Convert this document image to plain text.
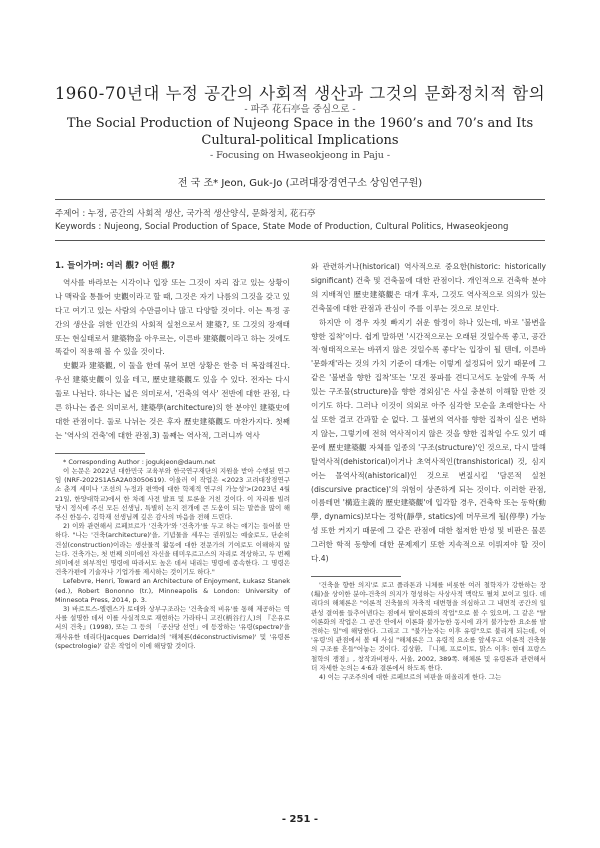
1960-70년대 누정 공간의 사회적 생산과 그것의 문화정치적 함의
- 파주 花石亭을 중심으로 -
The Social Production of Nujeong Space in the 1960’s and 70’s and Its Cultural-political Implications
- Focusing on Hwaseokjeong in Paju -
전 국 조* Jeon, Guk-Jo (고려대장경연구소 상임연구원)
주제어 : 누정, 공간의 사회적 생산, 국가적 생산양식, 문화정치, 花石亭
Keywords : Nujeong, Social Production of Space, State Mode of Production, Cultural Politics, Hwaseokjeong

1. 들어가며: 여러 觀? 어떤 觀?

역사를 바라보는 시각이나 입장 또는 그것이 자리 잡고 있는 상황이나 맥락을 통틀어 史觀이라고 할 때, 그것은 자기 나름의 그것을 갖고 있다고 여기고 있는 사람의 수만큼이나 많고 다양할 것이다. 이는 특정 공간의 생산을 위한 인간의 사회적 실천으로서 建築?, 또 그것의 장재태 또는 현실태로서 建築物을 아우르는, 이른바 建築觀이라고 하는 것에도 똑같이 적용해 볼 수 있을 것이다.

史觀과 建築觀, 이 둘을 한데 묶어 보면 상황은 한층 더 복잡해진다. 우선 建築史觀이 있을 테고, 歷史建築觀도 있을 수 있다. 전자는 다시 둘로 나뉜다. 하나는 넓은 의미로서, '건축의 역사' 전반에 대한 관점, 다른 하나는 좁은 의미로서, 建築學(architecture)의 한 분야인 建築史에 대한 관점이다. 둘로 나뉘는 것은 후자 歷史建築觀도 마찬가지다. 첫째는 '역사의 건축'에 대한 관점,3) 둘째는 역사적, 그러니까 역사

* Corresponding Author : jogukjeon@daum.net

이 논문은 2022년 대한민국 교육부와 한국연구재단의 지원을 받아 수행된 연구임 (NRF-2022S1A5A2A03050619). 이울러 이 작업은 <2023 고려대장경연구소 춘계 세미나 '조선의 누정과 편액에 대한 학제적 연구의 가능성'>(2023년 4월 21일, 한양대학교)에서 한 차례 사전 발표 및 토론을 거친 것이다. 이 자리를 빌려 당시 정식에 주신 모든 선생님, 특별히 논지 전개에 큰 도움이 되는 말씀을 많이 해 주신 한동수, 김학재 선생님께 깊은 감사의 마음을 전해 드린다.

2) 이와 관련해서 르페브르가 '건축가'와 '건축가'를 두고 하는 얘기는 들어볼 만하다. "나는 '건축(architecture)'을, 기념물을 세우는 권위있는 예술로도, 단순히 건설(construction)이라는 생산물적 활동에 대한 전문가의 기여로도 이해하지 않는다. 건축가는, 첫 번째 의미에선 자신을 테미우르고스의 자리로 격상하고, 두 번째 의미에선 외부적인 명령에 따라서도 높은 데서 내리는 명령에 종속한다. 그 명령은 건축가편에 기술자나 기업가를 제시하는 것이기도 하다."

Lefebvre, Henri, Toward an Architecture of Enjoyment, Łukasz Stanek (ed.), Robert Bononno (tr.), Minneapolis & London: University of Minnesota Press, 2014, p. 3.

3) 바르트스-엘렌스가 토대와 상부구조라는 '건축술적 비유'를 통해 제공하는 역사를 설명한 데서 이를 사실적으로 재현하는 가라타니 고진(柄谷行人)의 『은유로서의 건축』(1998), 또는 그 등의 「공산당 선언」에 등장하는 '유령(spectre)'을 재사유한 데리다(Jacques Derrida)의 '해체론(déconstructivisme)' 및 '유령론(spectrologie)' 같은 작업이 이에 해당할 것이다.

와 관련하거나(historical) 역사적으로 중요한(historic: historically significant) 건축 및 건축물에 대한 관점이다. 개인적으로 건축학 분야의 지배적인 歷史建築觀은 대개 후자, 그것도 역사적으로 의의가 있는 건축물에 대한 관점과 관심이 주를 이루는 것으로 보인다.

하지만 이 경우 자칫 빠지기 쉬운 함정이 하나 있는데, 바로 '불변을 향한 집착'이다. 쉽게 말하면 '시간적으로는 오래된 것일수록 좋고, 공간적·형태적으로는 바뀌지 않은 것일수록 좋다'는 입장이 될 텐데, 이른바 '문화재'라는 것의 가치 기준이 대개는 이렇게 설정되어 있기 때문에 그 같은 '불변을 향한 집착'또는 '모진 풍파를 견디고서도 눈앞에 우뚝 서 있는 구조물(structure)을 향한 경외심'은 사실 충분히 이해할 만한 것이기도 하다. 그러나 이것이 의외로 아주 심각한 모순을 초래한다는 사실 또한 결코 간과할 순 없다. 그 불변의 역사를 향한 집착이 실은 변하지 않는, 그렇기에 전혀 역사적이지 않은 것을 향한 집착일 수도 있기 때문에 歷史建築觀 자체를 일종의 '구조(structure)'인 것으로, 다시 말해 탈역사적(dehistorical)이거나 초역사적인(transhistorical) 것, 심지어는 몰역사적(ahistorical)인 것으로 변질시킬 '담론적 실천(discursive practice)'의 위험이 상존하게 되는 것이다. 이러한 관점, 이름테면 '構造主義的 歷史建築觀'에 입각할 경우, 건축학 또는 동학(動學, dynamics)보다는 정학(靜學, statics)에 머무르게 될(停學) 가능성 또한 커지기 때문에 그 같은 관점에 대한 철저한 반성 및 비판은 물론 그러한 학적 동향에 대한 문제제기 또한 지속적으로 이뤄져야 할 것이다.4)

'건축을 향한 의지'로 로고 플라톤과 니체를 비롯한 여러 철학자가 강한하는 장(場)을 상이한 분야-건축의 의지가 형성하는 사상사적 맥락도 펼쳐 보이고 있다. 데리다의 해체론은 "이론적 건축물의 자축적 대변형을 의심하고 그 내면적 공간의 일관성 결여를 들추어낸다는 점에서 탈이론화의 작업"으로 볼 수 있으며, 그 같은 "탈이론화의 작업은 그 공간 안에서 이론화 불가능한 동시에 과거 불가능한 요소를 발견하는 일"에 해당한다. 그리고 그 "불가능자는 이후 유령"으로 불리게 되는데, 이 '유령'의 관점에서 볼 때 사실 "해체론은 그 유령적 요소를 앞세우고 이론적 건축물의 구조를 흔들"어놓는 것이다. 김상환, 『니체, 프로이트, 맑스 이후: 현대 프랑스철학의 쟁점』, 창작과비평사, 서울, 2002, 389쪽. 해체론 및 유령론과 관련해서 더 자세한 논의는 4·6과 결론에서 하도록 한다.

4) 이는 구조주의에 대한 르페브르의 비판을 떠올리게 한다. 그는

- 251 -
